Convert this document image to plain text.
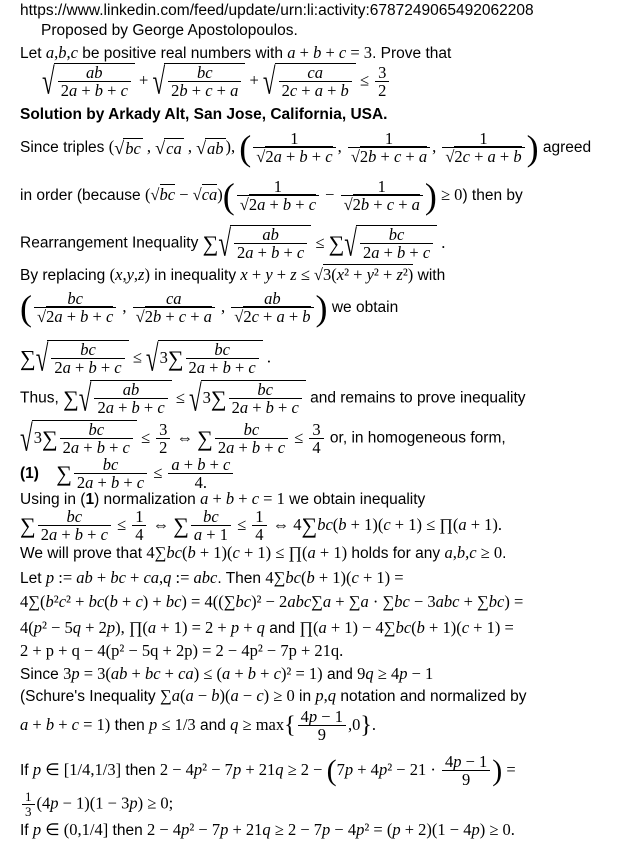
https://www.linkedin.com/feed/update/urn:li:activity:6787249065492062208
Proposed by George Apostolopoulos.
Let a,b,c be positive real numbers with a + b + c = 3. Prove that
√ $\frac{ab}{2a + b + c}$ + √ $\frac{bc}{2b + c + a}$ + √ $\frac{ca}{2c + a + b} \le \frac{3}{2}$
Solution by Arkady Alt, San Jose, California, USA.
Since triples (√bc , √ca , √ab ), ( $\frac{1}{√2a + b + c}$ , $\frac{1}{√2b + c + a}$ , $\frac{1}{√2c + a + b}$ ) agreed
in order (because $(√bc - √ca)( \frac{1}{√2a + b + c} - \frac{1}{√2b + c + a}$ ) ≥ 0) then by
Rearrangement Inequality ∑√ $\frac{ab}{2a + b + c}$ ≤ ∑√ $\frac{bc}{2a + b + c}$ .
By replacing (x,y,z) in inequality x + y + z ≤ √3(x² + y² + z²) with
( $\frac{bc}{√2a + b + c}$ , $\frac{ca}{√2b + c + a}$ , $\frac{ab}{√2c + a + b}$ ) we obtain
∑√ $\frac{bc}{2a + b + c} \le √3\sum \frac{bc}{2a + b + c}$ .
Thus, ∑√ $\frac{ab}{2a + b + c} \le √3\sum \frac{bc}{2a + b + c}$ and remains to prove inequality
$√3\sum \frac{bc}{2a + b + c} \le \frac{3}{2}$ ⇔ ∑ $\frac{bc}{2a + b + c} \le \frac{3}{4}$ or, in homogeneous form,
(1) ∑ $\frac{bc}{2a + b + c} \le \frac{a + b + c}{4.}$
Using in (1) normalization a + b + c = 1 we obtain inequality
∑ $\frac{bc}{2a + b + c} \le \frac{1}{4}$ ⇔ ∑ $\frac{bc}{a + 1} \le \frac{1}{4}$ ⇔ 4∑bc(b + 1)(c + 1) ≤ ∏(a + 1).
We will prove that 4∑bc(b + 1)(c + 1) ≤ ∏(a + 1) holds for any a,b,c ≥ 0.
Let p := ab + bc + ca,q := abc. Then 4∑bc(b + 1)(c + 1) =
4∑(b²c² + bc(b + c) + bc) = 4((∑bc)² − 2abc∑a + ∑a · ∑bc − 3abc + ∑bc) =
4(p² − 5q + 2p), ∏(a + 1) = 2 + p + q and ∏(a + 1) − 4∑bc(b + 1)(c + 1) =
2 + p + q − 4(p² − 5q + 2p) = 2 − 4p² − 7p + 21q.
Since 3p = 3(ab + bc + ca) ≤ (a + b + c)² = 1) and 9q ≥ 4p − 1
(Schure's Inequality ∑a(a − b)(a − c) ≥ 0 in p,q notation and normalized by
a + b + c = 1) then p ≤ 1/3 and $q \ge \max\{ \frac{4p - 1}{9} ,0\}$.
If p ∈ [1/4,1/3] then $2 - 4p^2 - 7p + 21q \ge 2 - (7p + 4p^2 - 21 \cdot \frac{4p - 1}{9}$ ) =
$\frac{1}{3} (4p - 1)(1 - 3p) \ge 0$;
If p ∈ (0,1/4] then 2 − 4p² − 7p + 21q ≥ 2 − 7p − 4p² = (p + 2)(1 − 4p) ≥ 0.
